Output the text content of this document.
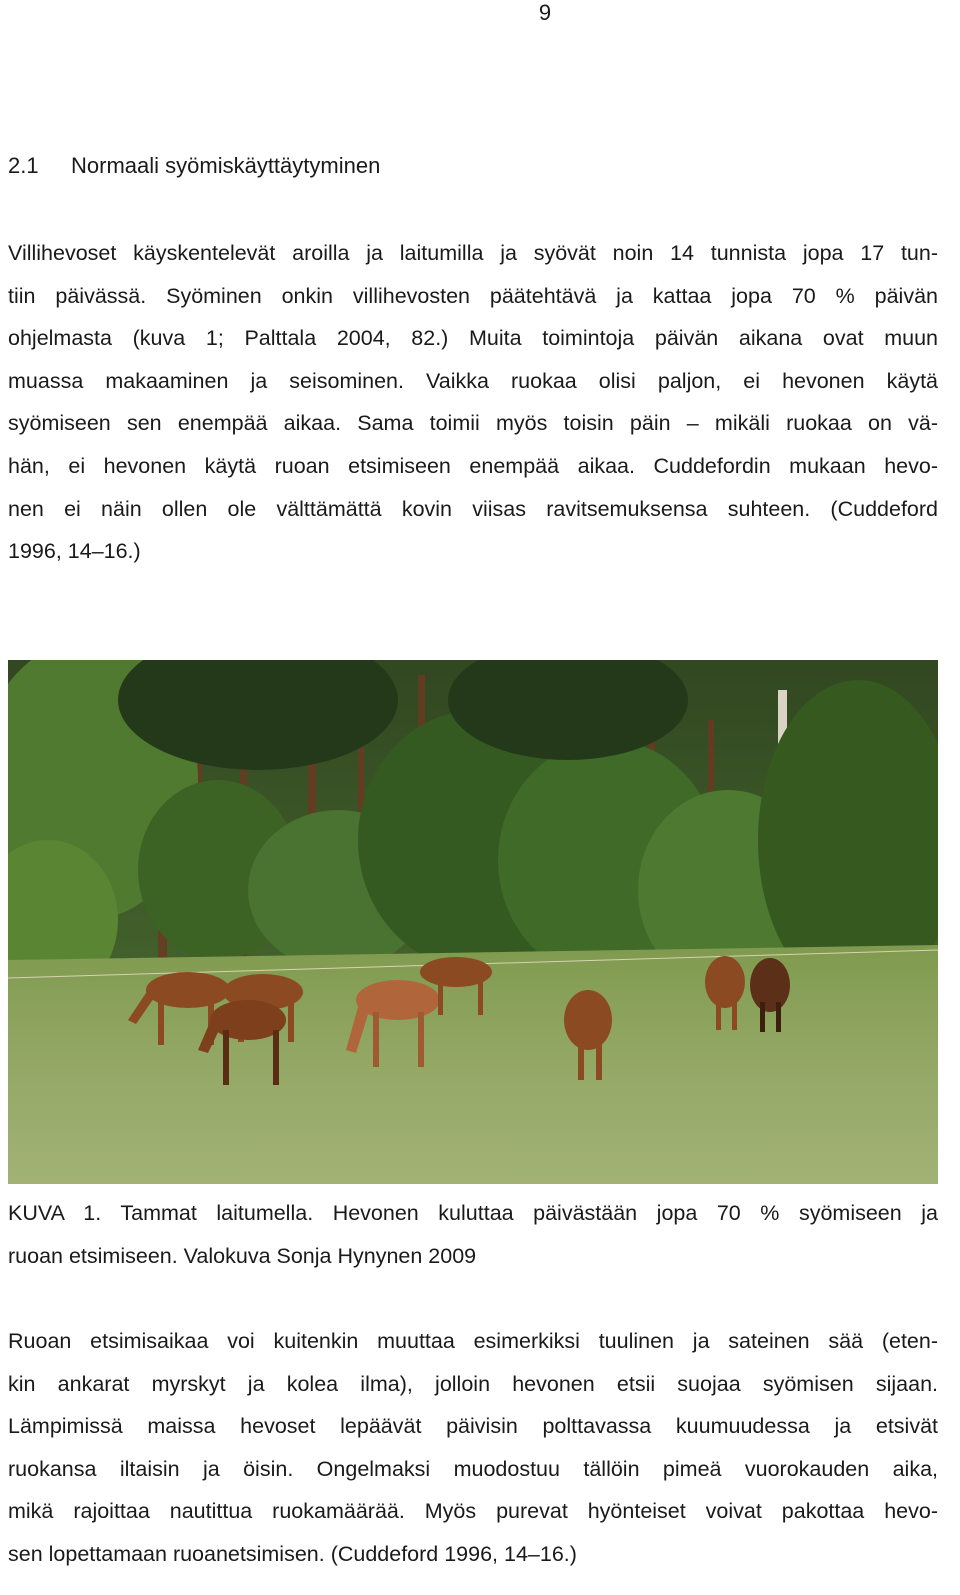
9
2.1 Normaali syömiskäyttäytyminen
Villihevoset käyskentelevät aroilla ja laitumilla ja syövät noin 14 tunnista jopa 17 tun-
tiin päivässä. Syöminen onkin villihevosten päätehtävä ja kattaa jopa 70 % päivän
ohjelmasta (kuva 1; Palttala 2004, 82.) Muita toimintoja päivän aikana ovat muun
muassa makaaminen ja seisominen. Vaikka ruokaa olisi paljon, ei hevonen käytä
syömiseen sen enempää aikaa. Sama toimii myös toisin päin – mikäli ruokaa on vä-
hän, ei hevonen käytä ruoan etsimiseen enempää aikaa. Cuddefordin mukaan hevo-
nen ei näin ollen ole välttämättä kovin viisas ravitsemuksensa suhteen. (Cuddeford
1996, 14–16.)
KUVA 1. Tammat laitumella. Hevonen kuluttaa päivästään jopa 70 % syömiseen ja
ruoan etsimiseen. Valokuva Sonja Hynynen 2009
Ruoan etsimisaikaa voi kuitenkin muuttaa esimerkiksi tuulinen ja sateinen sää (eten-
kin ankarat myrskyt ja kolea ilma), jolloin hevonen etsii suojaa syömisen sijaan.
Lämpimissä maissa hevoset lepäävät päivisin polttavassa kuumuudessa ja etsivät
ruokansa iltaisin ja öisin. Ongelmaksi muodostuu tällöin pimeä vuorokauden aika,
mikä rajoittaa nautittua ruokamäärää. Myös purevat hyönteiset voivat pakottaa hevo-
sen lopettamaan ruoanetsimisen. (Cuddeford 1996, 14–16.)
